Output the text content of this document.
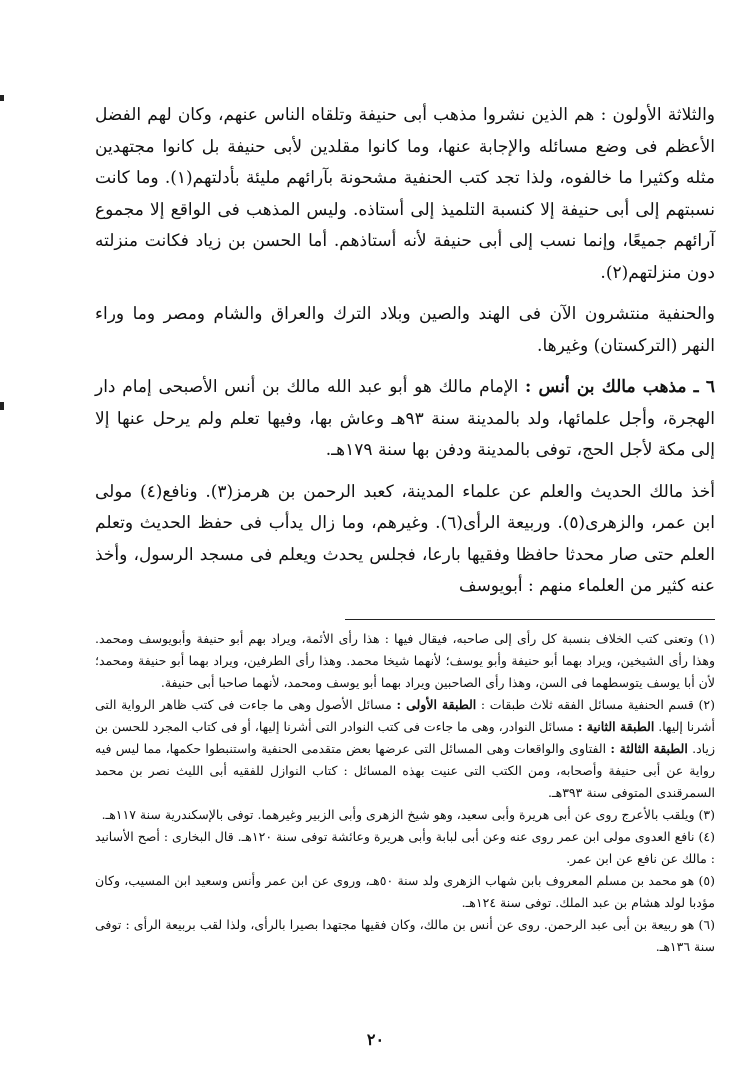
والثلاثة الأولون : هم الذين نشروا مذهب أبى حنيفة وتلقاه الناس عنهم، وكان لهم الفضل الأعظم فى وضع مسائله والإجابة عنها، وما كانوا مقلدين لأبى حنيفة بل كانوا مجتهدين مثله وكثيرا ما خالفوه، ولذا تجد كتب الحنفية مشحونة بآرائهم مليئة بأدلتهم(١). وما كانت نسبتهم إلى أبى حنيفة إلا كنسبة التلميذ إلى أستاذه. وليس المذهب فى الواقع إلا مجموع آرائهم جميعًا، وإنما نسب إلى أبى حنيفة لأنه أستاذهم. أما الحسن بن زياد فكانت منزلته دون منزلتهم(٢).

والحنفية منتشرون الآن فى الهند والصين وبلاد الترك والعراق والشام ومصر وما وراء النهر (التركستان) وغيرها.

٦ ـ مذهب مالك بن أنس : الإمام مالك هو أبو عبد الله مالك بن أنس الأصبحى إمام دار الهجرة، وأجل علمائها، ولد بالمدينة سنة ٩٣هـ وعاش بها، وفيها تعلم ولم يرحل عنها إلا إلى مكة لأجل الحج، توفى بالمدينة ودفن بها سنة ١٧٩هـ.

أخذ مالك الحديث والعلم عن علماء المدينة، كعبد الرحمن بن هرمز(٣). ونافع(٤) مولى ابن عمر، والزهرى(٥). وربيعة الرأى(٦). وغيرهم، وما زال يدأب فى حفظ الحديث وتعلم العلم حتى صار محدثا حافظا وفقيها بارعا، فجلس يحدث ويعلم فى مسجد الرسول، وأخذ عنه كثير من العلماء منهم : أبويوسف

(١) وتعنى كتب الخلاف بنسبة كل رأى إلى صاحبه، فيقال فيها : هذا رأى الأئمة، ويراد بهم أبو حنيفة وأبويوسف ومحمد. وهذا رأى الشيخين، ويراد بهما أبو حنيفة وأبو يوسف؛ لأنهما شيخا محمد. وهذا رأى الطرفين، ويراد بهما أبو حنيفة ومحمد؛ لأن أبا يوسف يتوسطهما فى السن، وهذا رأى الصاحبين ويراد بهما أبو يوسف ومحمد، لأنهما صاحبا أبى حنيفة.

(٢) قسم الحنفية مسائل الفقه ثلاث طبقات : الطبقة الأولى : مسائل الأصول وهى ما جاءت فى كتب ظاهر الرواية التى أشرنا إليها. الطبقة الثانية : مسائل النوادر، وهى ما جاءت فى كتب النوادر التى أشرنا إليها، أو فى كتاب المجرد للحسن بن زياد. الطبقة الثالثة : الفتاوى والواقعات وهى المسائل التى عرضها بعض متقدمى الحنفية واستنبطوا حكمها، مما ليس فيه رواية عن أبى حنيفة وأصحابه، ومن الكتب التى عنيت بهذه المسائل : كتاب النوازل للفقيه أبى الليث نصر بن محمد السمرقندى المتوفى سنة ٣٩٣هـ.

(٣) ويلقب بالأعرج روى عن أبى هريرة وأبى سعيد، وهو شيخ الزهرى وأبى الزبير وغيرهما. توفى بالإسكندرية سنة ١١٧هـ.

(٤) نافع العدوى مولى ابن عمر روى عنه وعن أبى لبابة وأبى هريرة وعائشة توفى سنة ١٢٠هـ. قال البخارى : أصح الأسانيد : مالك عن نافع عن ابن عمر.

(٥) هو محمد بن مسلم المعروف بابن شهاب الزهرى ولد سنة ٥٠هـ، وروى عن ابن عمر وأنس وسعيد ابن المسيب، وكان مؤدبا لولد هشام بن عبد الملك. توفى سنة ١٢٤هـ.

(٦) هو ربيعة بن أبى عبد الرحمن. روى عن أنس بن مالك، وكان فقيها مجتهدا بصيرا بالرأى، ولذا لقب بربيعة الرأى : توفى سنة ١٣٦هـ.

٢٠
